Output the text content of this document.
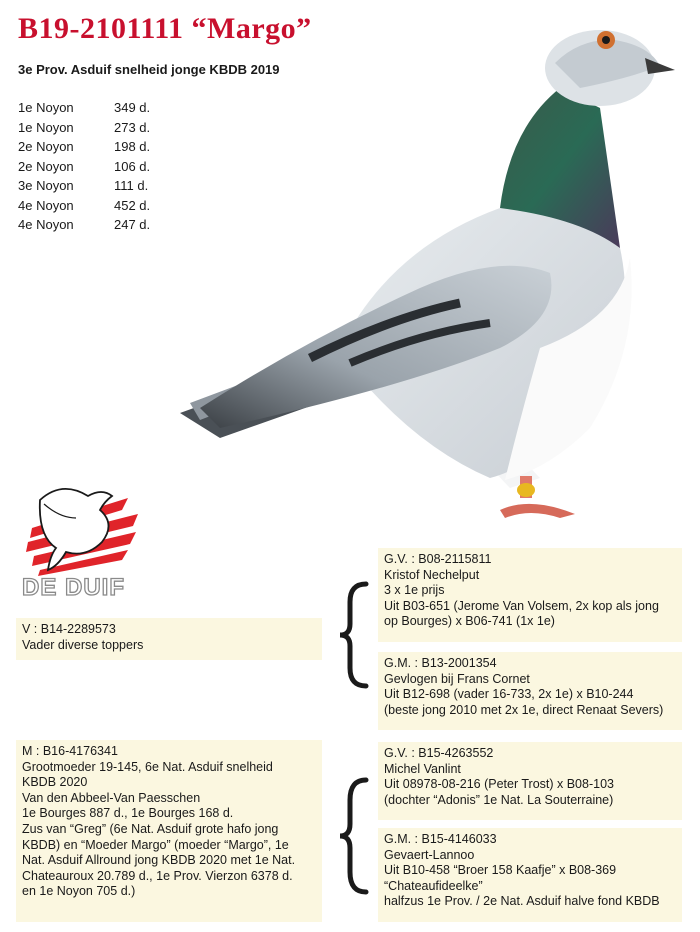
B19-2101111 “Margo”
3e Prov. Asduif snelheid jonge KBDB 2019
1e Noyon	349 d.
1e Noyon	273 d.
2e Noyon	198 d.
2e Noyon	106 d.
3e Noyon	111 d.
4e Noyon	452 d.
4e Noyon	247 d.
DE DUIF
V : B14-2289573
Vader diverse toppers
M : B16-4176341
Grootmoeder 19-145, 6e Nat. Asduif snelheid
KBDB 2020
Van den Abbeel-Van Paesschen
1e Bourges 887 d., 1e Bourges 168 d.
Zus van “Greg” (6e Nat. Asduif grote hafo jong
KBDB) en “Moeder Margo” (moeder “Margo”, 1e
Nat. Asduif Allround jong KBDB 2020 met 1e Nat.
Chateauroux 20.789 d., 1e Prov. Vierzon 6378 d.
en 1e Noyon 705 d.)
G.V. : B08-2115811
Kristof Nechelput
3 x 1e prijs
Uit B03-651 (Jerome Van Volsem, 2x kop als jong
op Bourges) x B06-741 (1x 1e)
G.M. : B13-2001354
Gevlogen bij Frans Cornet
Uit B12-698 (vader 16-733, 2x 1e) x B10-244
(beste jong 2010 met 2x 1e, direct Renaat Severs)
G.V. : B15-4263552
Michel Vanlint
Uit 08978-08-216 (Peter Trost) x B08-103
(dochter “Adonis” 1e Nat. La Souterraine)
G.M. : B15-4146033
Gevaert-Lannoo
Uit B10-458 “Broer 158 Kaafje” x B08-369
“Chateaufideelke”
halfzus 1e Prov. / 2e Nat. Asduif halve fond KBDB
